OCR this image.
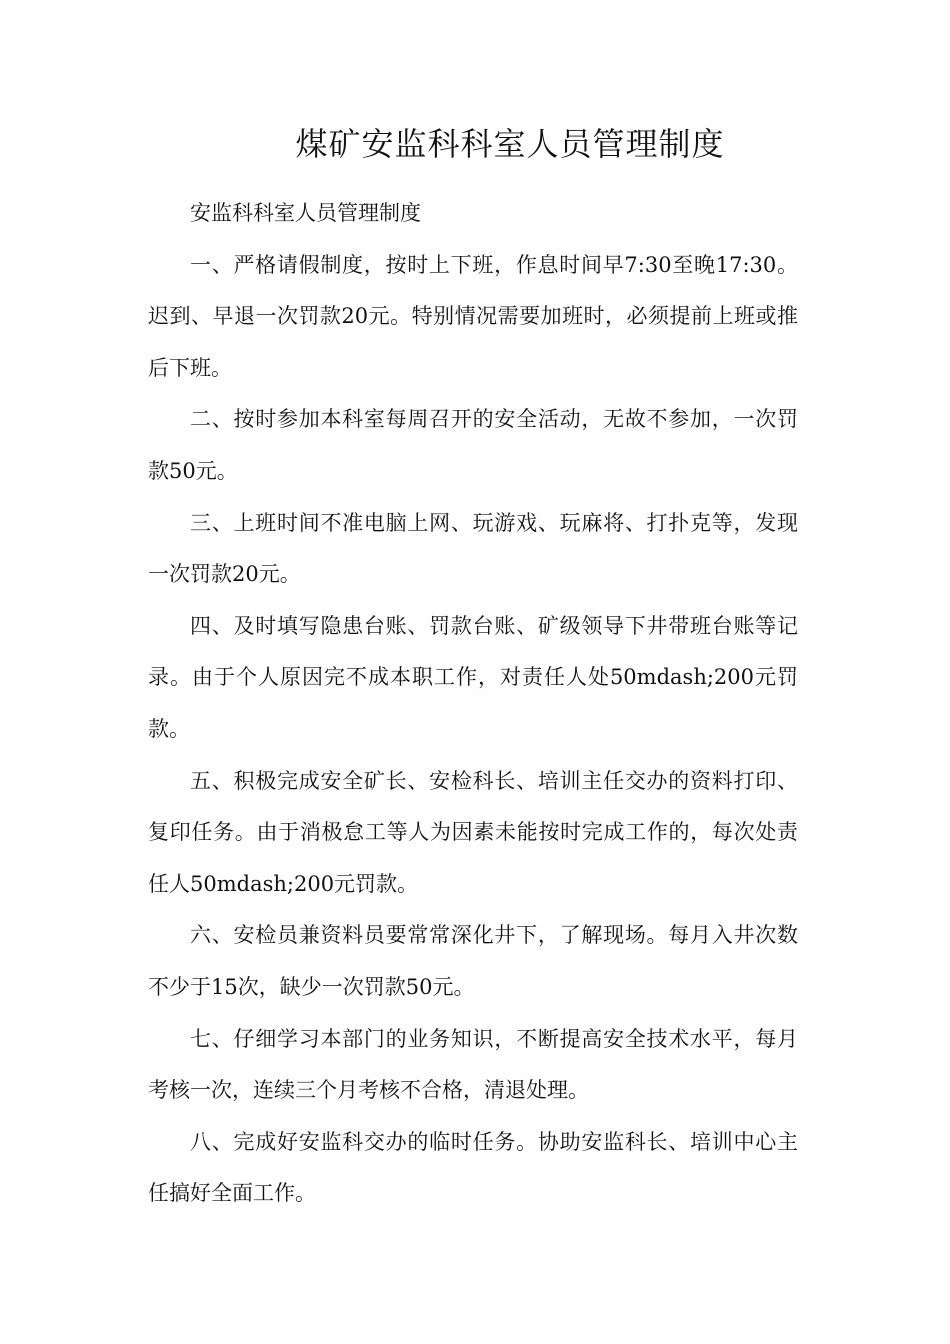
煤矿安监科科室人员管理制度

安监科科室人员管理制度

一、严格请假制度，按时上下班，作息时间早7:30至晚17:30。迟到、早退一次罚款20元。特别情况需要加班时，必须提前上班或推后下班。

二、按时参加本科室每周召开的安全活动，无故不参加，一次罚款50元。

三、上班时间不准电脑上网、玩游戏、玩麻将、打扑克等，发现一次罚款20元。

四、及时填写隐患台账、罚款台账、矿级领导下井带班台账等记录。由于个人原因完不成本职工作，对责任人处50mdash;200元罚款。

五、积极完成安全矿长、安检科长、培训主任交办的资料打印、复印任务。由于消极怠工等人为因素未能按时完成工作的，每次处责任人50mdash;200元罚款。

六、安检员兼资料员要常常深化井下，了解现场。每月入井次数不少于15次，缺少一次罚款50元。

七、仔细学习本部门的业务知识，不断提高安全技术水平，每月考核一次，连续三个月考核不合格，清退处理。

八、完成好安监科交办的临时任务。协助安监科长、培训中心主任搞好全面工作。
